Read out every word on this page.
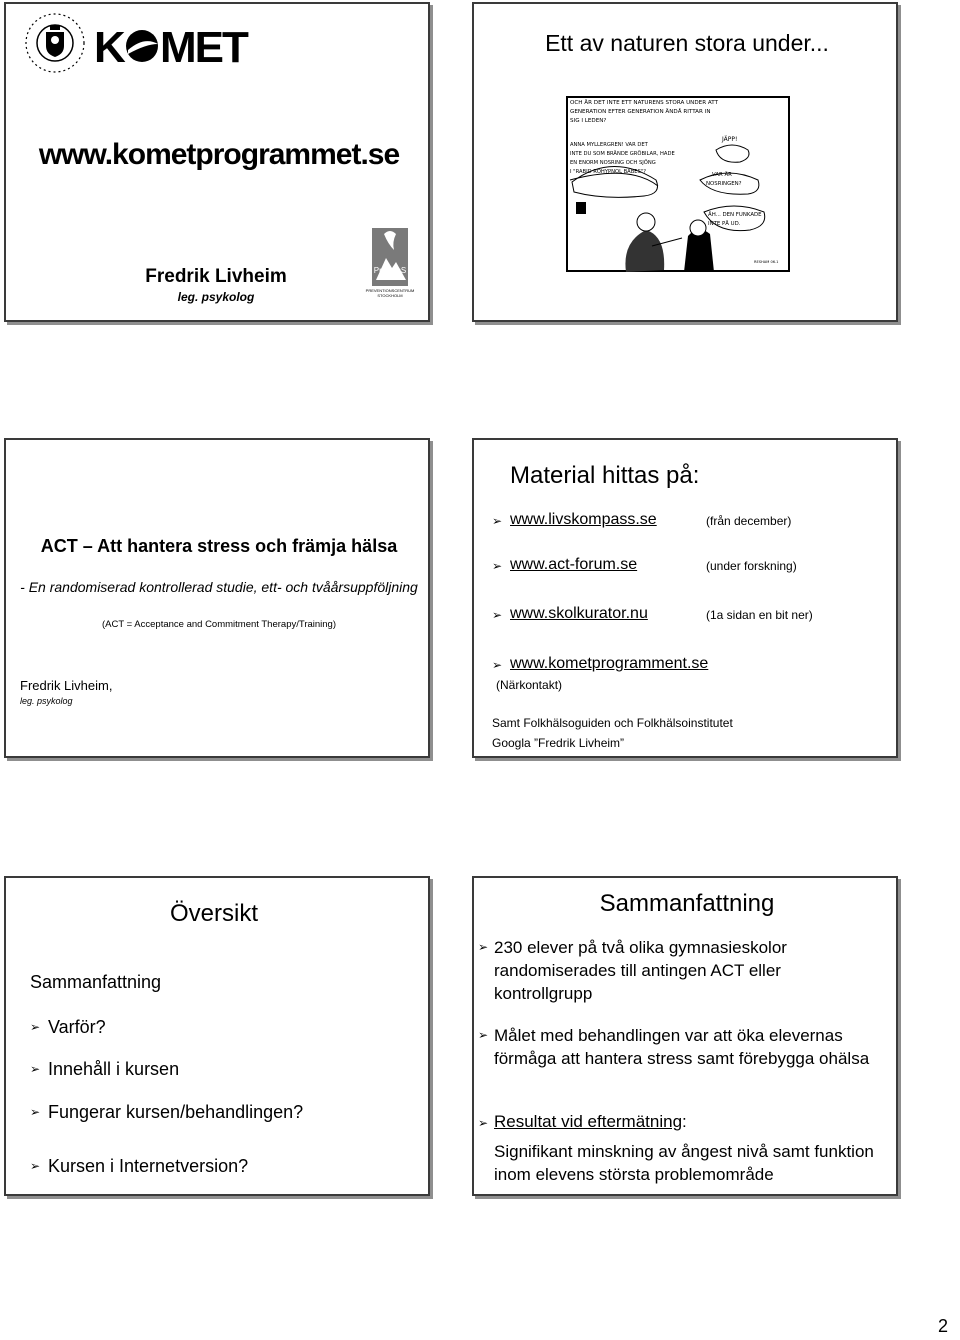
K MET
www.kometprogrammet.se
Fredrik Livheim
leg. psykolog
PreCenS
PREVENTIONSCENTRUM STOCKHOLM
Ett av naturen stora under...
OCH ÄR DET INTE ETT NATURENS STORA UNDER ATT
GENERATION EFTER GENERATION ÄNDÅ RITTAR IN
SIG I LEDEN?
ANNA MYLLERGREN! VAR DET
INTE DU SOM BRÄNDE GRÖBILAR, HADE
EN ENORM NOSRING OCH SJÖNG
I "RABID ROHYPNOL BABES"?
JÄPP!
VAR ÄR
NOSRINGEN?
ÄH... DEN FUNKADE
INTE PÅ UD.
RESHAM 06.1
ACT – Att hantera stress och främja hälsa
- En randomiserad kontrollerad studie, ett- och tvåårsuppföljning
(ACT = Acceptance and Commitment Therapy/Training)
Fredrik Livheim,
leg. psykolog
Material hittas på:
➢ www.livskompass.se	(från december)
➢ www.act-forum.se	(under forskning)
➢ www.skolkurator.nu	(1a sidan en bit ner)
➢ www.kometprogramment.se
(Närkontakt)
Samt Folkhälsoguiden och Folkhälsoinstitutet
Googla ”Fredrik Livheim”
Översikt
Sammanfattning
➢ Varför?
➢ Innehåll i kursen
➢ Fungerar kursen/behandlingen?
➢ Kursen i Internetversion?
Sammanfattning
➢ 230 elever på två olika gymnasieskolor randomiserades till antingen ACT eller kontrollgrupp
➢ Målet med behandlingen var att öka elevernas förmåga att hantera stress samt förebygga ohälsa
➢ Resultat vid eftermätning:
Signifikant minskning av ångest nivå samt funktion inom elevens största problemområde
2
